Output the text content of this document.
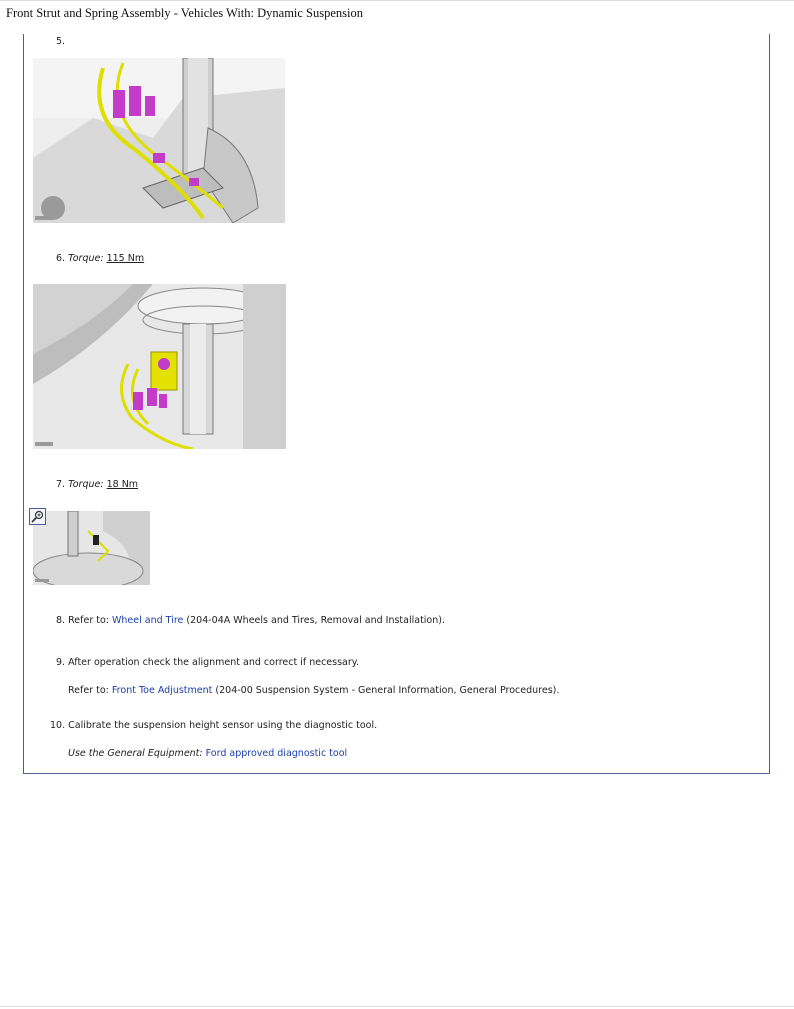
Front Strut and Spring Assembly - Vehicles With: Dynamic Suspension
5.
6. Torque: 115 Nm
7. Torque: 18 Nm
8. Refer to: Wheel and Tire (204-04A Wheels and Tires, Removal and Installation).
9. After operation check the alignment and correct if necessary.
Refer to: Front Toe Adjustment (204-00 Suspension System - General Information, General Procedures).
10. Calibrate the suspension height sensor using the diagnostic tool.
Use the General Equipment: Ford approved diagnostic tool
